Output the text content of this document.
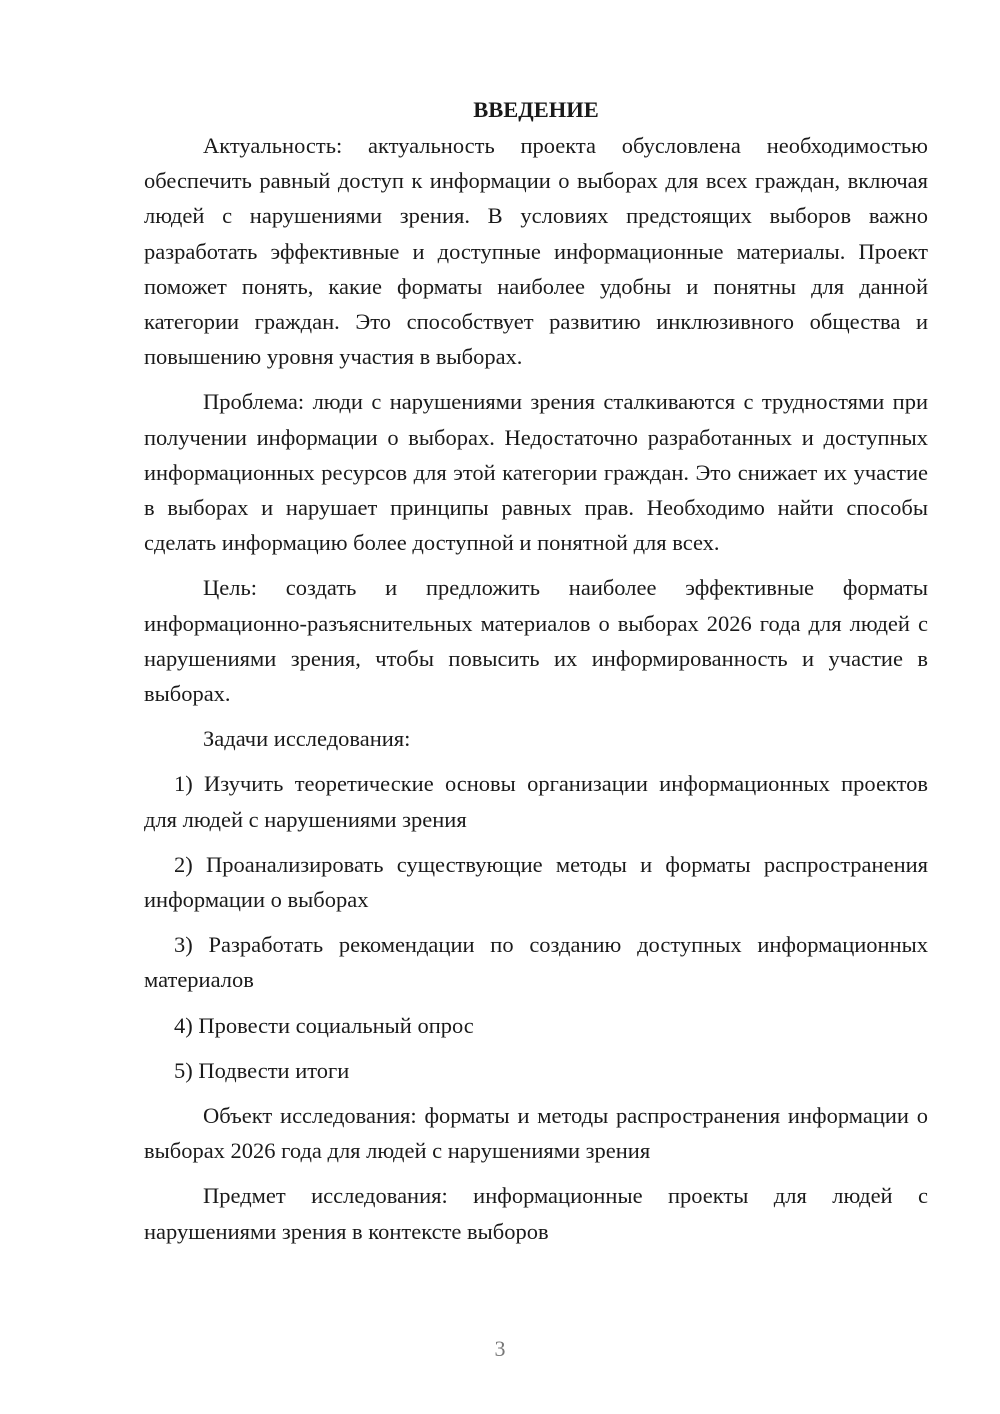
ВВЕДЕНИЕ

Актуальность: актуальность проекта обусловлена необходимостью обеспечить равный доступ к информации о выборах для всех граждан, включая людей с нарушениями зрения. В условиях предстоящих выборов важно разработать эффективные и доступные информационные материалы. Проект поможет понять, какие форматы наиболее удобны и понятны для данной категории граждан. Это способствует развитию инклюзивного общества и повышению уровня участия в выборах.

Проблема: люди с нарушениями зрения сталкиваются с трудностями при получении информации о выборах. Недостаточно разработанных и доступных информационных ресурсов для этой категории граждан. Это снижает их участие в выборах и нарушает принципы равных прав. Необходимо найти способы сделать информацию более доступной и понятной для всех.

Цель: создать и предложить наиболее эффективные форматы информационно-разъяснительных материалов о выборах 2026 года для людей с нарушениями зрения, чтобы повысить их информированность и участие в выборах.

Задачи исследования:

1) Изучить теоретические основы организации информационных проектов для людей с нарушениями зрения

2) Проанализировать существующие методы и форматы распространения информации о выборах

3) Разработать рекомендации по созданию доступных информационных материалов

4) Провести социальный опрос

5) Подвести итоги

Объект исследования: форматы и методы распространения информации о выборах 2026 года для людей с нарушениями зрения

Предмет исследования: информационные проекты для людей с нарушениями зрения в контексте выборов

3
